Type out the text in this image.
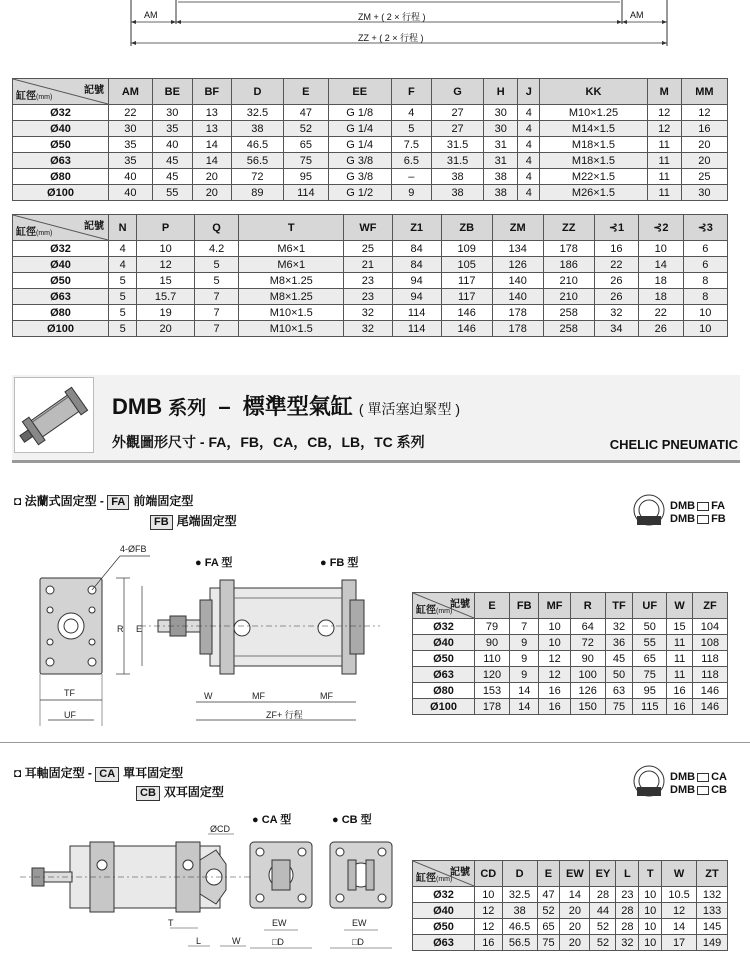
AM	ZM + ( 2 × 行程 )	AM
ZZ + ( 2 × 行程 )
記號
缸徑(mm)	AM	BE	BF	D	E	EE	F	G	H	J	KK	M	MM
Ø32	22	30	13	32.5	47	G 1/8	4	27	30	4	M10×1.25	12	12
Ø40	30	35	13	38	52	G 1/4	5	27	30	4	M14×1.5	12	16
Ø50	35	40	14	46.5	65	G 1/4	7.5	31.5	31	4	M18×1.5	11	20
Ø63	35	45	14	56.5	75	G 3/8	6.5	31.5	31	4	M18×1.5	11	20
Ø80	40	45	20	72	95	G 3/8	–	38	38	4	M22×1.5	11	25
Ø100	40	55	20	89	114	G 1/2	9	38	38	4	M26×1.5	11	30
記號
缸徑(mm)	N	P	Q	T	WF	Z1	ZB	ZM	ZZ	⊰1	⊰2	⊰3
Ø32	4	10	4.2	M6×1	25	84	109	134	178	16	10	6
Ø40	4	12	5	M6×1	21	84	105	126	186	22	14	6
Ø50	5	15	5	M8×1.25	23	94	117	140	210	26	18	8
Ø63	5	15.7	7	M8×1.25	23	94	117	140	210	26	18	8
Ø80	5	19	7	M10×1.5	32	114	146	178	258	32	22	10
Ø100	5	20	7	M10×1.5	32	114	146	178	258	34	26	10
DMB 系列 – 標準型氣缸 ( 單活塞迫緊型 )
外觀圖形尺寸 - FA，FB，CA，CB，LB，TC 系列	CHELIC PNEUMATIC
◘ 法蘭式固定型 - FA 前端固定型
FB 尾端固定型
DMB FA
DMB FB
● FA 型	● FB 型
4-ØFB
R E
TF
UF
W	MF	MF
ZF+ 行程
記號
缸徑(mm)	E	FB	MF	R	TF	UF	W	ZF
Ø32	79	7	10	64	32	50	15	104
Ø40	90	9	10	72	36	55	11	108
Ø50	110	9	12	90	45	65	11	118
Ø63	120	9	12	100	50	75	11	118
Ø80	153	14	16	126	63	95	16	146
Ø100	178	14	16	150	75	115	16	146
◘ 耳軸固定型 - CA 單耳固定型
CB 双耳固定型
DMB CA
DMB CB
● CA 型	● CB 型
ØCD
T
L	W
EW	EW
□D	□D
記號
缸徑(mm)	CD	D	E	EW	EY	L	T	W	ZT
Ø32	10	32.5	47	14	28	23	10	10.5	132
Ø40	12	38	52	20	44	28	10	12	133
Ø50	12	46.5	65	20	52	28	10	14	145
Ø63	16	56.5	75	20	52	32	10	17	149
